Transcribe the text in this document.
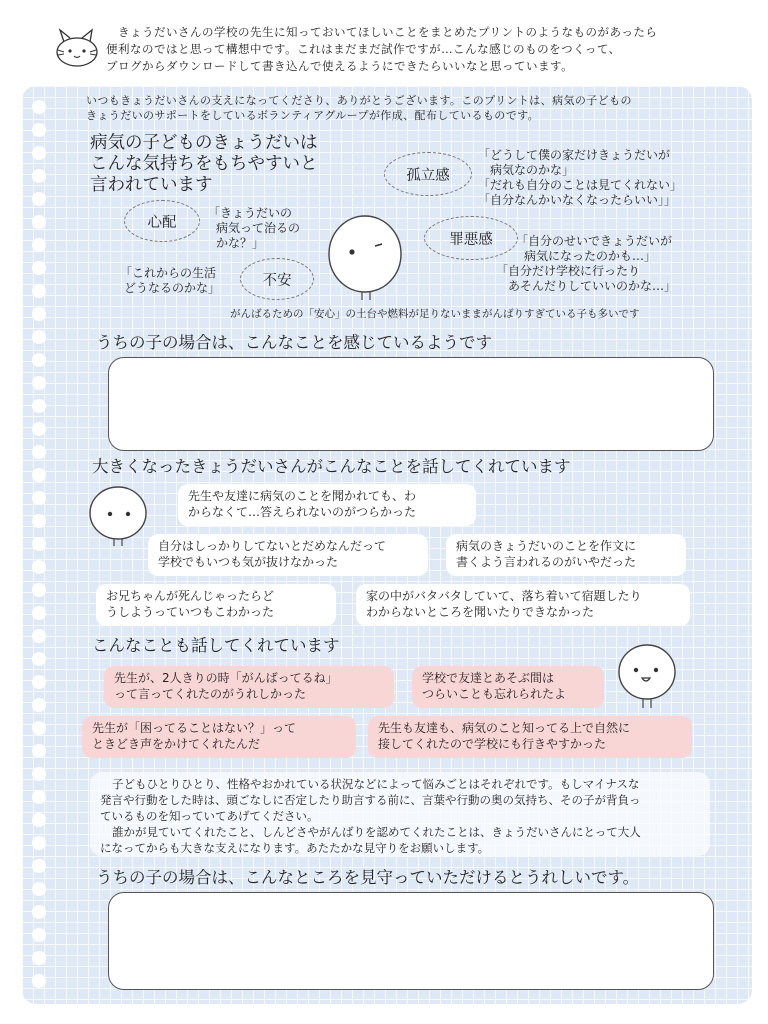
きょうだいさんの学校の先生に知っておいてほしいことをまとめたプリントのようなものがあったら
便利なのではと思って構想中です。これはまだまだ試作ですが…こんな感じのものをつくって、
ブログからダウンロードして書き込んで使えるようにできたらいいなと思っています。
いつもきょうだいさんの支えになってくださり、ありがとうございます。このプリントは、病気の子どもの
きょうだいのサポートをしているボランティアグループが作成、配布しているものです。
病気の子どものきょうだいは
こんな気持ちをもちやすいと
言われています
心配
「きょうだいの
病気って治るの
かな？」
「これからの生活
どうなるのかな」	不安
孤立感
「どうして僕の家だけきょうだいが
病気なのかな」
「だれも自分のことは見てくれない」
「自分なんかいなくなったらいい」」
罪悪感	「自分のせいできょうだいが
病気になったのかも…」
「自分だけ学校に行ったり
あそんだりしていいのかな…」
がんばるための「安心」の土台や燃料が足りないままがんばりすぎている子も多いです
うちの子の場合は、こんなことを感じているようです
大きくなったきょうだいさんがこんなことを話してくれています
先生や友達に病気のことを聞かれても、わ
からなくて…答えられないのがつらかった
自分はしっかりしてないとだめなんだって
学校でもいつも気が抜けなかった
病気のきょうだいのことを作文に
書くよう言われるのがいやだった
お兄ちゃんが死んじゃったらど
うしようっていつもこわかった
家の中がバタバタしていて、落ち着いて宿題したり
わからないところを聞いたりできなかった
こんなことも話してくれています
先生が、2人きりの時「がんばってるね」
って言ってくれたのがうれしかった
学校で友達とあそぶ間は
つらいことも忘れられたよ
先生が「困ってることはない？」って
ときどき声をかけてくれたんだ
先生も友達も、病気のこと知ってる上で自然に
接してくれたので学校にも行きやすかった
子どもひとりひとり、性格やおかれている状況などによって悩みごとはそれぞれです。もしマイナスな
発言や行動をした時は、頭ごなしに否定したり助言する前に、言葉や行動の奥の気持ち、その子が背負っ
ているものを知っていてあげてください。
誰かが見ていてくれたこと、しんどさやがんばりを認めてくれたことは、きょうだいさんにとって大人
になってからも大きな支えになります。あたたかな見守りをお願いします。
うちの子の場合は、こんなところを見守っていただけるとうれしいです。
